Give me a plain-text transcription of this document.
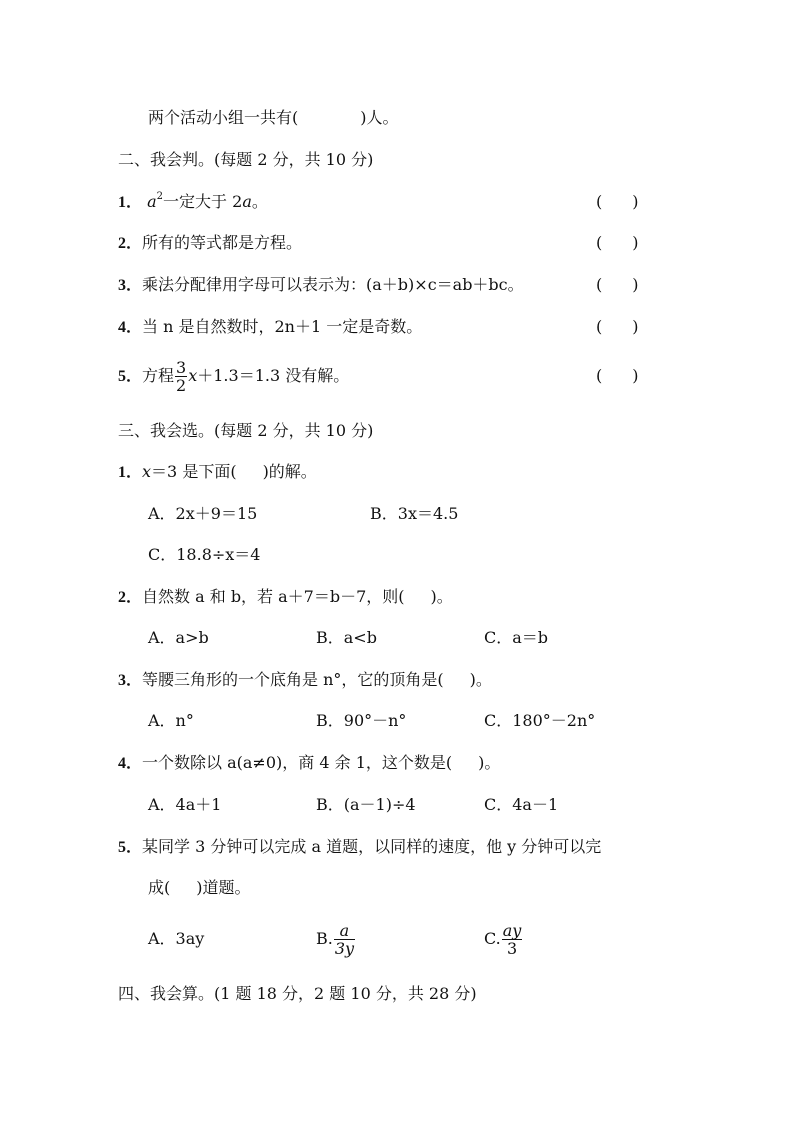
两个活动小组一共有(	)人。
二、我会判。(每题 2 分，共 10 分)
1． $a^2$一定大于 2a。	( )
2．所有的等式都是方程。	( )
3．乘法分配律用字母可以表示为：(a＋b)×c＝ab＋bc。	( )
4．当 n 是自然数时，2n＋1 一定是奇数。	( )
5．方程 $\frac{3}{2} x+1.3=1.3$ 没有解。	( )
三、我会选。(每题 2 分，共 10 分)
1．x＝3 是下面( )的解。
A．2x＋9＝15	B．3x＝4.5
C．18.8÷x＝4
2．自然数 a 和 b，若 a＋7＝b－7，则( )。
A．a>b	B．a<b	C．a＝b
3．等腰三角形的一个底角是 n°，它的顶角是( )。
A．n°	B．90°－n°	C．180°－2n°
4．一个数除以 a(a≠0)，商 4 余 1，这个数是( )。
A．4a＋1	B．(a－1)÷4	C．4a－1
5．某同学 3 分钟可以完成 a 道题，以同样的速度，他 y 分钟可以完
成( )道题。
A．3ay	B. $\frac{a}{3y}$	C. $\frac{ay}{3}$
四、我会算。(1 题 18 分，2 题 10 分，共 28 分)
